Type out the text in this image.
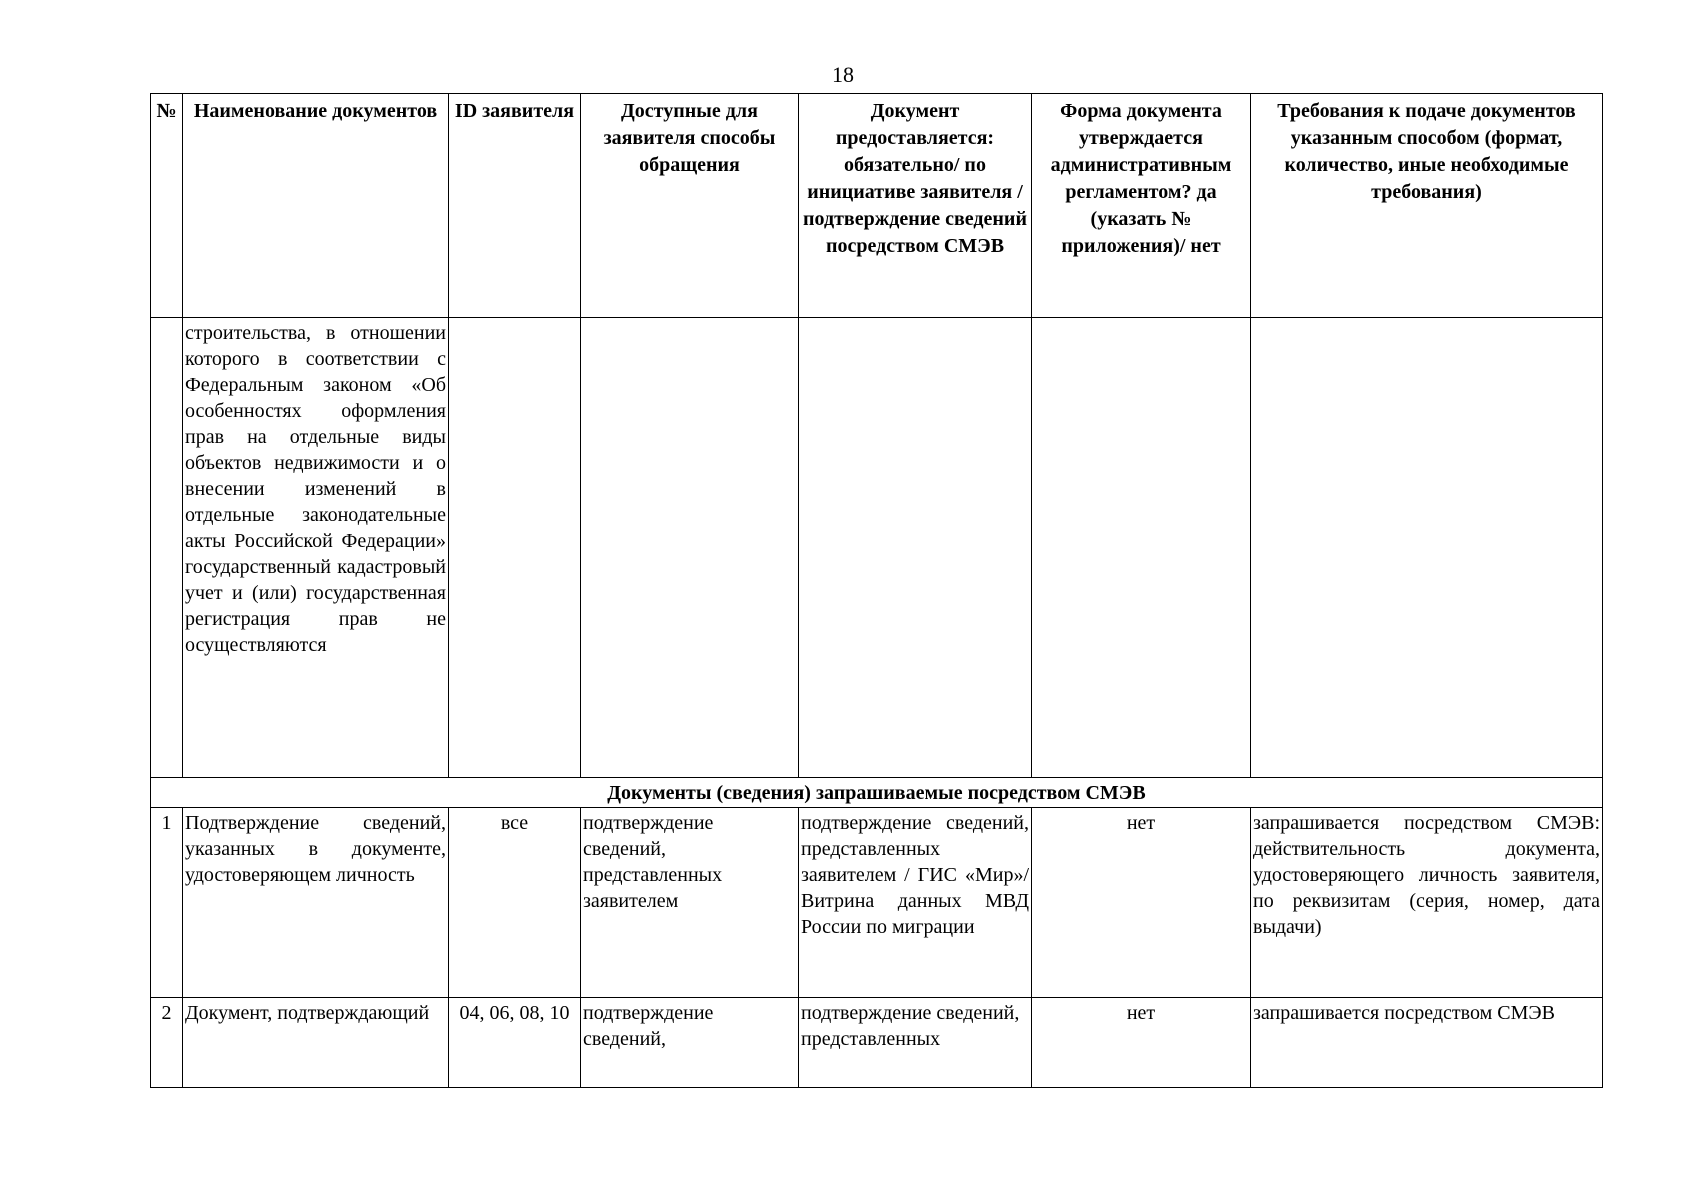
18
№	Наименование документов	ID заявителя	Доступные для заявителя способы обращения	Документ предоставляется: обязательно/ по инициативе заявителя /подтверждение сведений посредством СМЭВ	Форма документа утверждается административным регламентом? да (указать № приложения)/ нет	Требования к подаче документов указанным способом (формат, количество, иные необходимые требования)
	строительства, в отношении которого в соответствии с Федеральным законом «Об особенностях оформления прав на отдельные виды объектов недвижимости и о внесении изменений в отдельные законодательные акты Российской Федерации» государственный кадастровый учет и (или) государственная регистрация прав не осуществляются					
Документы (сведения) запрашиваемые посредством СМЭВ						
1	Подтверждение сведений, указанных в документе, удостоверяющем личность	все	подтверждение сведений, представленных заявителем	подтверждение сведений, представленных заявителем / ГИС «Мир»/Витрина данных МВД России по миграции	нет	запрашивается посредством СМЭВ: действительность документа, удостоверяющего личность заявителя, по реквизитам (серия, номер, дата выдачи)
2	Документ, подтверждающий	04, 06, 08, 10	подтверждение сведений,	подтверждение сведений, представленных	нет	запрашивается посредством СМЭВ
